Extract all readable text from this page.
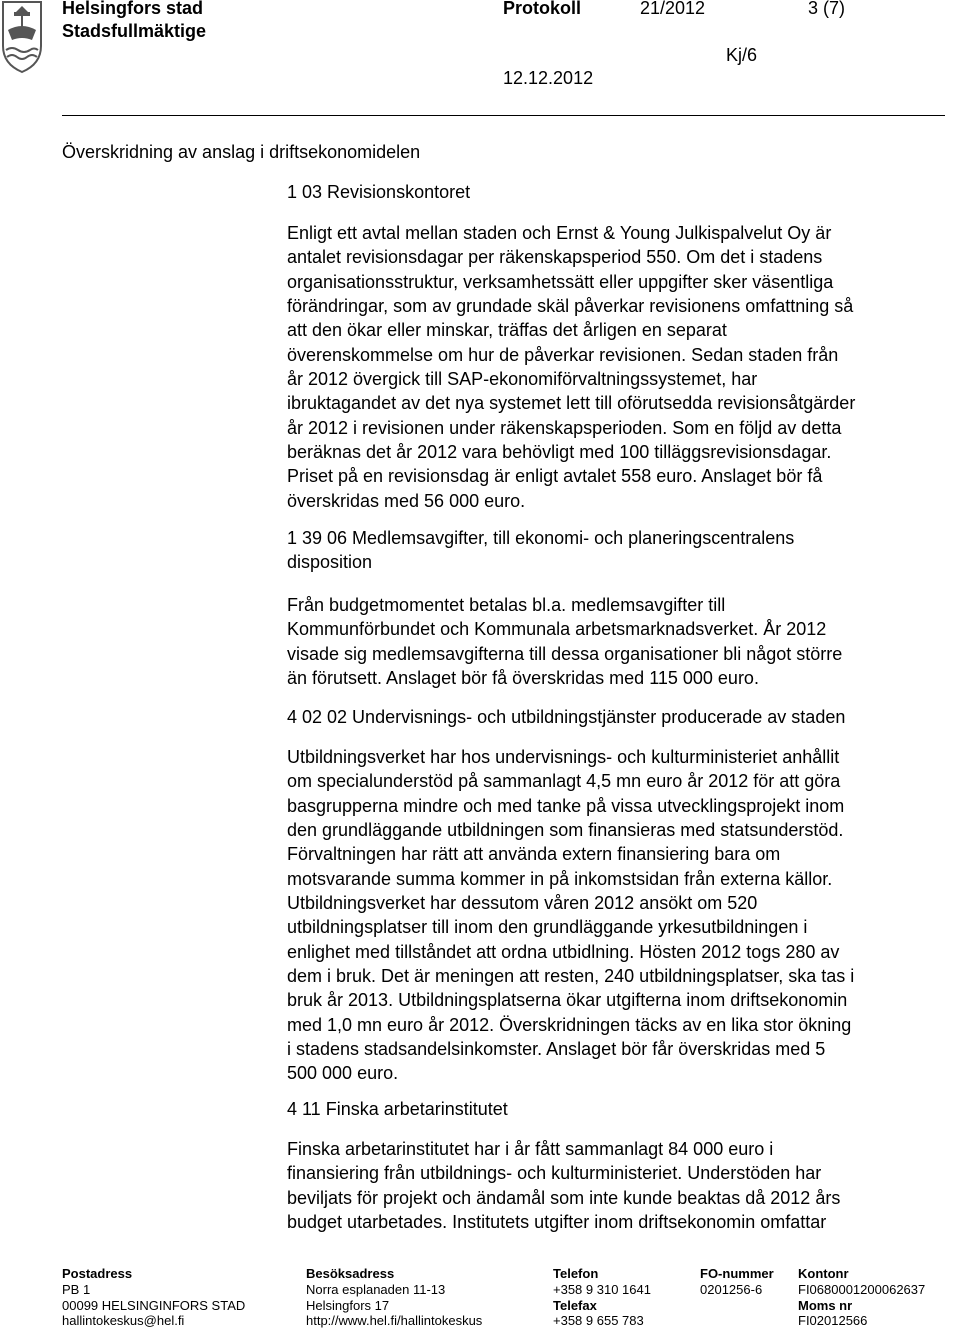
Helsingfors stad
Stadsfullmäktige
Protokoll	21/2012	3 (7)
Kj/6
12.12.2012
Överskridning av anslag i driftsekonomidelen
1 03 Revisionskontoret
Enligt ett avtal mellan staden och Ernst & Young Julkispalvelut Oy är
antalet revisionsdagar per räkenskapsperiod 550. Om det i stadens
organisationsstruktur, verksamhetssätt eller uppgifter sker väsentliga
förändringar, som av grundade skäl påverkar revisionens omfattning så
att den ökar eller minskar, träffas det årligen en separat
överenskommelse om hur de påverkar revisionen. Sedan staden från
år 2012 övergick till SAP-ekonomiförvaltningssystemet, har
ibruktagandet av det nya systemet lett till oförutsedda revisionsåtgärder
år 2012 i revisionen under räkenskapsperioden. Som en följd av detta
beräknas det år 2012 vara behövligt med 100 tilläggsrevisionsdagar.
Priset på en revisionsdag är enligt avtalet 558 euro. Anslaget bör få
överskridas med 56 000 euro.
1 39 06 Medlemsavgifter, till ekonomi- och planeringscentralens
disposition
Från budgetmomentet betalas bl.a. medlemsavgifter till
Kommunförbundet och Kommunala arbetsmarknadsverket. År 2012
visade sig medlemsavgifterna till dessa organisationer bli något större
än förutsett. Anslaget bör få överskridas med 115 000 euro.
4 02 02 Undervisnings- och utbildningstjänster producerade av staden
Utbildningsverket har hos undervisnings- och kulturministeriet anhållit
om specialunderstöd på sammanlagt 4,5 mn euro år 2012 för att göra
basgrupperna mindre och med tanke på vissa utvecklingsprojekt inom
den grundläggande utbildningen som finansieras med statsunderstöd.
Förvaltningen har rätt att använda extern finansiering bara om
motsvarande summa kommer in på inkomstsidan från externa källor.
Utbildningsverket har dessutom våren 2012 ansökt om 520
utbildningsplatser till inom den grundläggande yrkesutbildningen i
enlighet med tillståndet att ordna utbidlning. Hösten 2012 togs 280 av
dem i bruk. Det är meningen att resten, 240 utbildningsplatser, ska tas i
bruk år 2013. Utbildningsplatserna ökar utgifterna inom driftsekonomin
med 1,0 mn euro år 2012. Överskridningen täcks av en lika stor ökning
i stadens stadsandelsinkomster. Anslaget bör får överskridas med 5
500 000 euro.
4 11 Finska arbetarinstitutet
Finska arbetarinstitutet har i år fått sammanlagt 84 000 euro i
finansiering från utbildnings- och kulturministeriet. Understöden har
beviljats för projekt och ändamål som inte kunde beaktas då 2012 års
budget utarbetades. Institutets utgifter inom driftsekonomin omfattar
Postadress
PB 1
00099 HELSINGINFORS STAD
hallintokeskus@hel.fi
Besöksadress
Norra esplanaden 11-13
Helsingfors 17
http://www.hel.fi/hallintokeskus
Telefon
+358 9 310 1641
Telefax
+358 9 655 783
FO-nummer
0201256-6
Kontonr
FI0680001200062637
Moms nr
FI02012566
